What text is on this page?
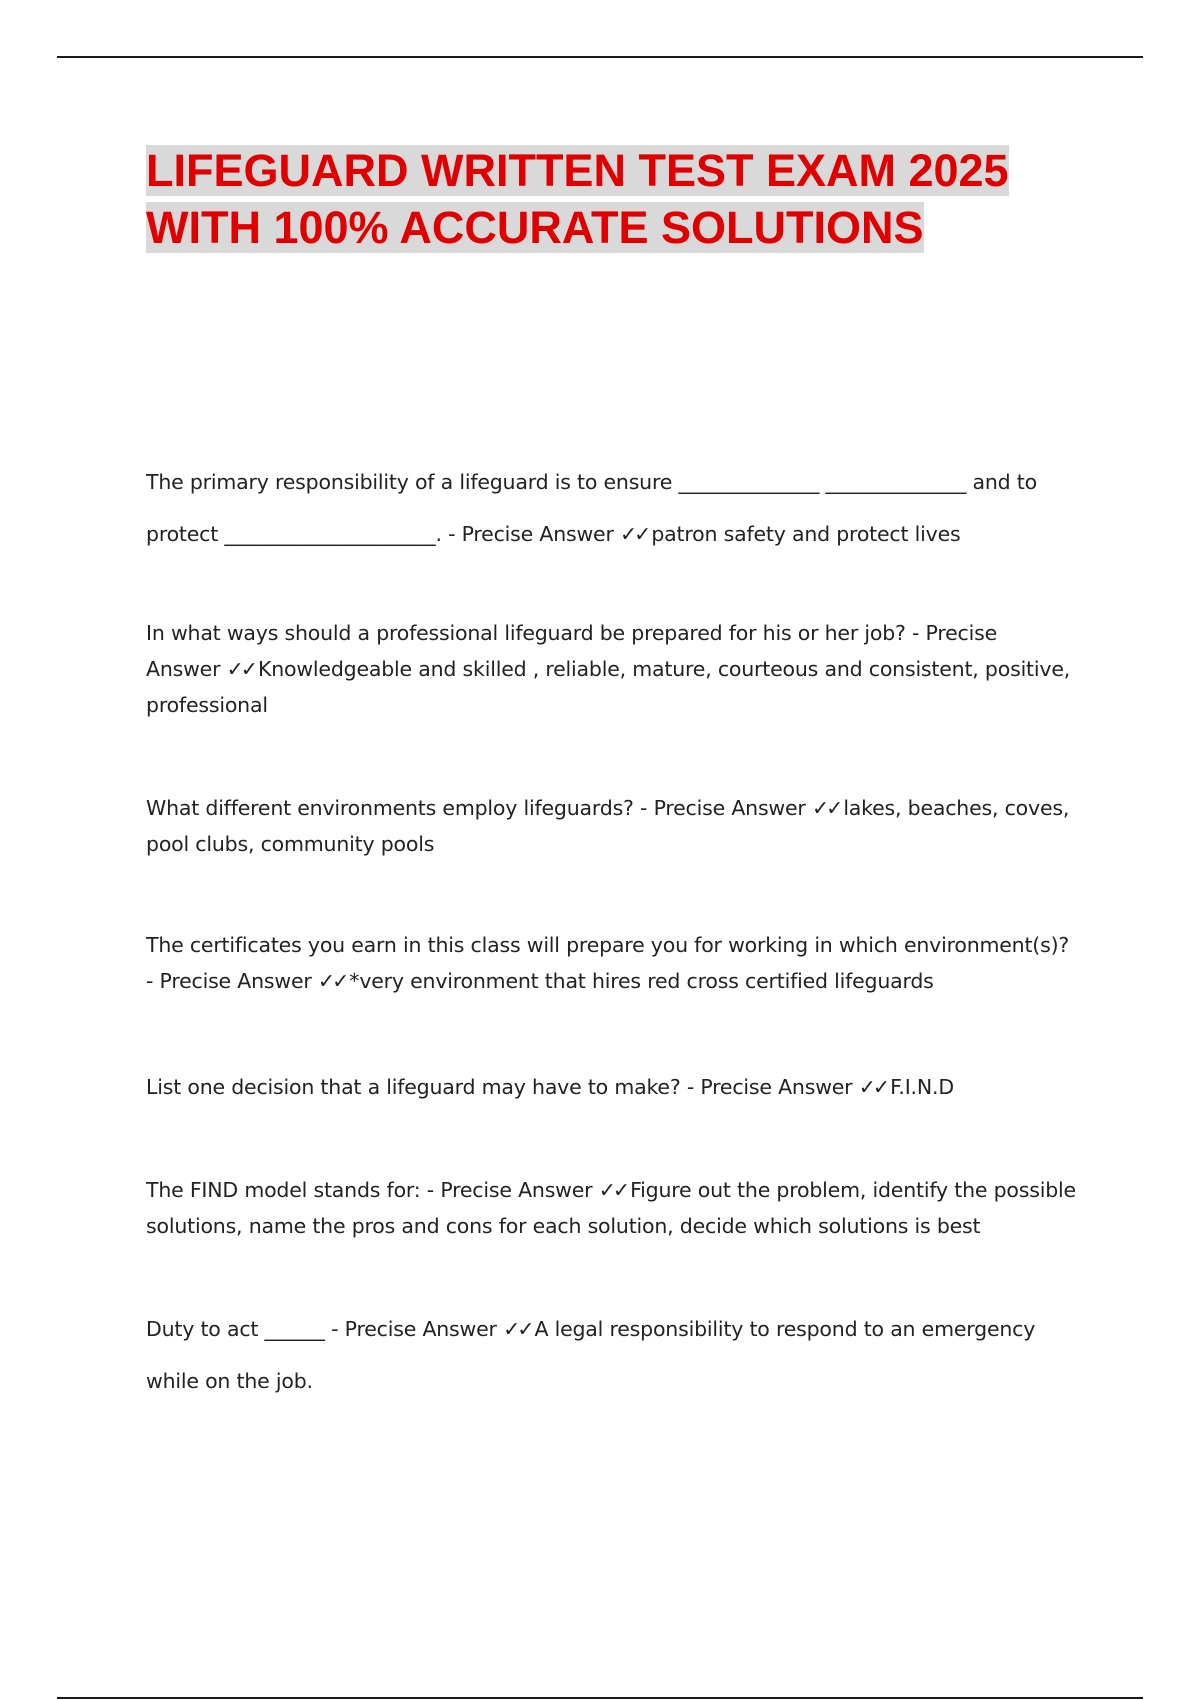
LIFEGUARD WRITTEN TEST EXAM 2025 WITH 100% ACCURATE SOLUTIONS

The primary responsibility of a lifeguard is to ensure ______________ ______________ and to protect _____________________. - Precise Answer ✓✓ patron safety and protect lives

In what ways should a professional lifeguard be prepared for his or her job? - Precise Answer ✓✓ Knowledgeable and skilled , reliable, mature, courteous and consistent, positive, professional

What different environments employ lifeguards? - Precise Answer ✓✓ lakes, beaches, coves, pool clubs, community pools

The certificates you earn in this class will prepare you for working in which environment(s)? - Precise Answer ✓✓ *very environment that hires red cross certified lifeguards

List one decision that a lifeguard may have to make? - Precise Answer ✓✓ F.I.N.D

The FIND model stands for: - Precise Answer ✓✓ Figure out the problem, identify the possible solutions, name the pros and cons for each solution, decide which solutions is best

Duty to act ______ - Precise Answer ✓✓ A legal responsibility to respond to an emergency while on the job.
